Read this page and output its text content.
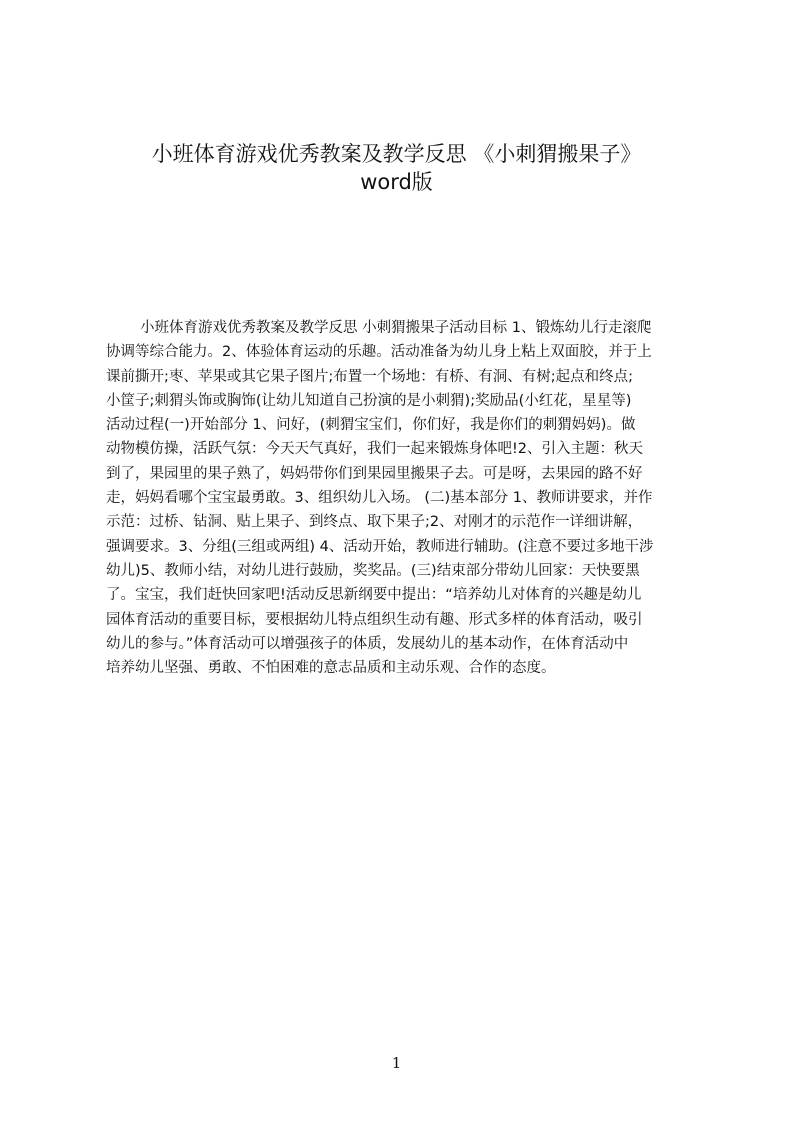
小班体育游戏优秀教案及教学反思 《小刺猬搬果子》
word版
小班体育游戏优秀教案及教学反思 小刺猬搬果子活动目标 1、锻炼幼儿行走滚爬
协调等综合能力。2、体验体育运动的乐趣。活动准备为幼儿身上粘上双面胶，并于上
课前撕开;枣、苹果或其它果子图片;布置一个场地：有桥、有洞、有树;起点和终点;
小筐子;刺猬头饰或胸饰(让幼儿知道自己扮演的是小刺猬);奖励品(小红花，星星等)
活动过程(一)开始部分 1、问好，(刺猬宝宝们，你们好，我是你们的刺猬妈妈)。做
动物模仿操，活跃气氛：今天天气真好，我们一起来锻炼身体吧!2、引入主题：秋天
到了，果园里的果子熟了，妈妈带你们到果园里搬果子去。可是呀，去果园的路不好
走，妈妈看哪个宝宝最勇敢。3、组织幼儿入场。 (二)基本部分 1、教师讲要求，并作
示范：过桥、钻洞、贴上果子、到终点、取下果子;2、对刚才的示范作一详细讲解，
强调要求。3、分组(三组或两组) 4、活动开始，教师进行辅助。(注意不要过多地干涉
幼儿)5、教师小结，对幼儿进行鼓励，奖奖品。(三)结束部分带幼儿回家：天快要黑
了。宝宝，我们赶快回家吧!活动反思新纲要中提出：“培养幼儿对体育的兴趣是幼儿
园体育活动的重要目标，要根据幼儿特点组织生动有趣、形式多样的体育活动，吸引
幼儿的参与。”体育活动可以增强孩子的体质，发展幼儿的基本动作，在体育活动中
培养幼儿坚强、勇敢、不怕困难的意志品质和主动乐观、合作的态度。
1
